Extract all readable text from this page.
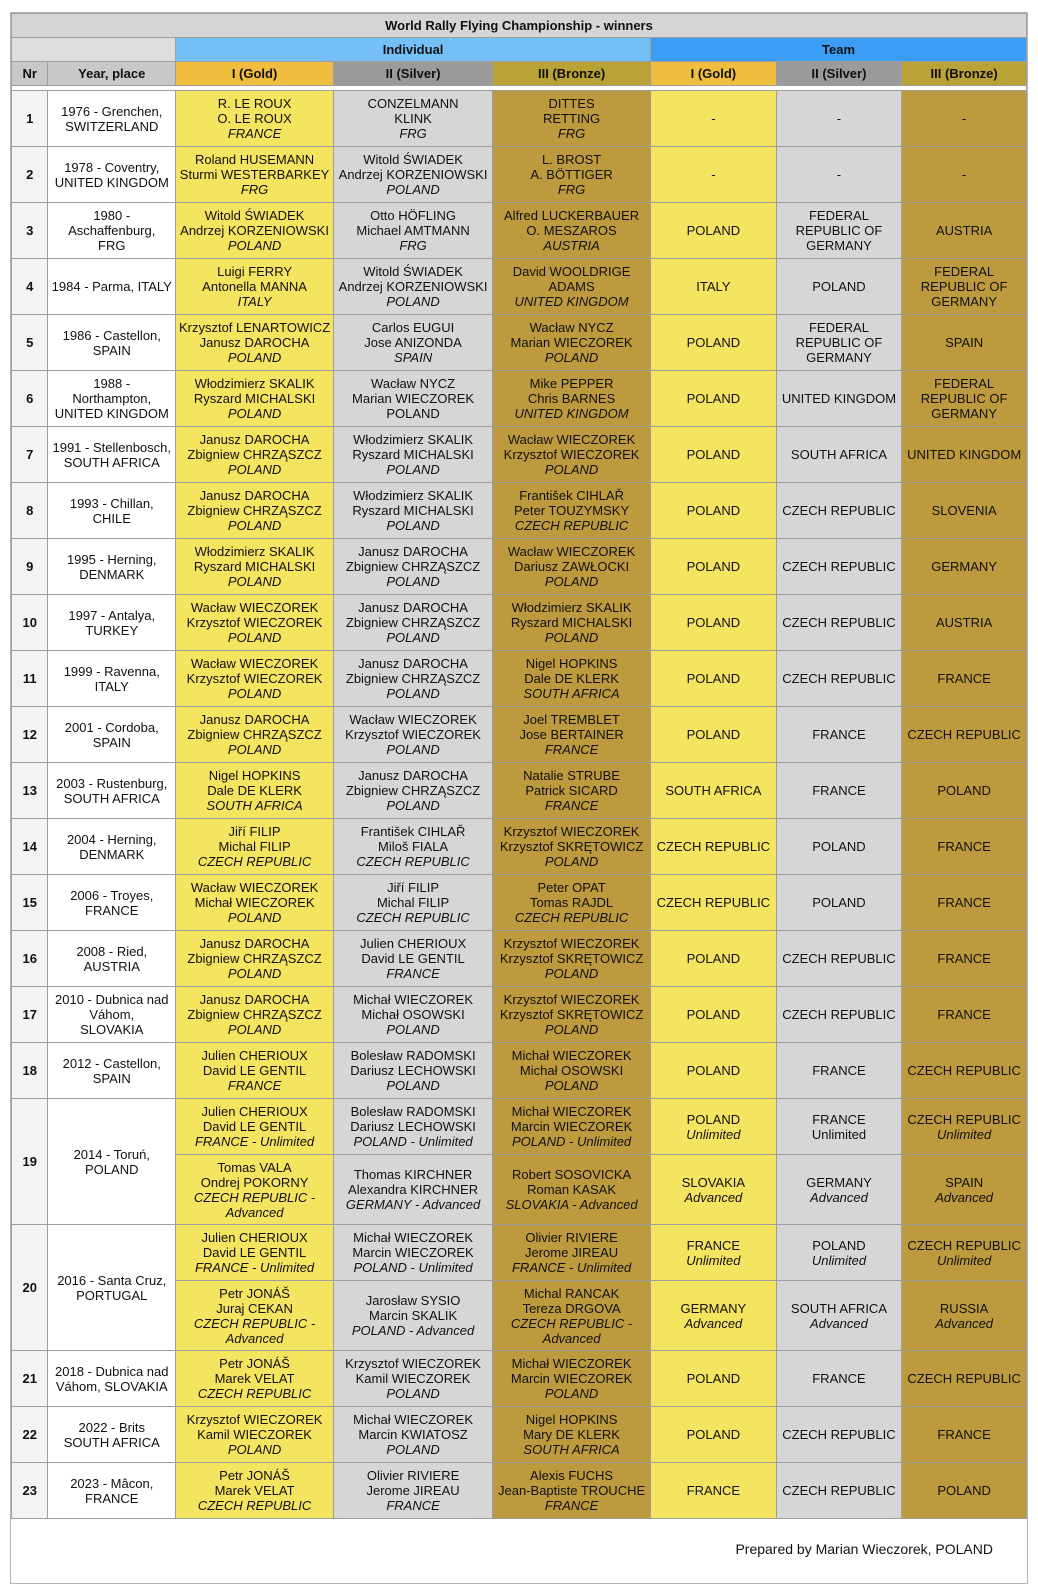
World Rally Flying Championship - winners							
		Individual			Team		
Nr	Year, place	I (Gold)	II (Silver)	III (Bronze)	I (Gold)	II (Silver)	III (Bronze)

1	1976 - Grenchen,
SWITZERLAND	R. LE ROUX
O. LE ROUX
FRANCE	CONZELMANN
KLINK
FRG	DITTES
RETTING
FRG	-	-	-

2	1978 - Coventry,
UNITED KINGDOM	Roland HUSEMANN
Sturmi WESTERBARKEY
FRG	Witold ŚWIADEK
Andrzej KORZENIOWSKI
POLAND	L. BROST
A. BÖTTIGER
FRG	-	-	-

3	1980 -
Aschaffenburg,
FRG	Witold ŚWIADEK
Andrzej KORZENIOWSKI
POLAND	Otto HÖFLING
Michael AMTMANN
FRG	Alfred LUCKERBAUER
O. MESZAROS
AUSTRIA	POLAND	FEDERAL
REPUBLIC OF
GERMANY	AUSTRIA

4	1984 - Parma, ITALY	Luigi FERRY
Antonella MANNA
ITALY	Witold ŚWIADEK
Andrzej KORZENIOWSKI
POLAND	David WOOLDRIGE
ADAMS
UNITED KINGDOM	ITALY	POLAND	FEDERAL
REPUBLIC OF
GERMANY

5	1986 - Castellon,
SPAIN	Krzysztof LENARTOWICZ
Janusz DAROCHA
POLAND	Carlos EUGUI
Jose ANIZONDA
SPAIN	Wacław NYCZ
Marian WIECZOREK
POLAND	POLAND	FEDERAL
REPUBLIC OF
GERMANY	SPAIN

6	1988 -
Northampton,
UNITED KINGDOM	Włodzimierz SKALIK
Ryszard MICHALSKI
POLAND	Wacław NYCZ
Marian WIECZOREK
POLAND	Mike PEPPER
Chris BARNES
UNITED KINGDOM	POLAND	UNITED KINGDOM	FEDERAL
REPUBLIC OF
GERMANY

7	1991 - Stellenbosch,
SOUTH AFRICA	Janusz DAROCHA
Zbigniew CHRZĄSZCZ
POLAND	Włodzimierz SKALIK
Ryszard MICHALSKI
POLAND	Wacław WIECZOREK
Krzysztof WIECZOREK
POLAND	POLAND	SOUTH AFRICA	UNITED KINGDOM

8	1993 - Chillan,
CHILE	Janusz DAROCHA
Zbigniew CHRZĄSZCZ
POLAND	Włodzimierz SKALIK
Ryszard MICHALSKI
POLAND	František CIHLAŘ
Peter TOUZYMSKY
CZECH REPUBLIC	POLAND	CZECH REPUBLIC	SLOVENIA

9	1995 - Herning,
DENMARK	Włodzimierz SKALIK
Ryszard MICHALSKI
POLAND	Janusz DAROCHA
Zbigniew CHRZĄSZCZ
POLAND	Wacław WIECZOREK
Dariusz ZAWŁOCKI
POLAND	POLAND	CZECH REPUBLIC	GERMANY

10	1997 - Antalya,
TURKEY	Wacław WIECZOREK
Krzysztof WIECZOREK
POLAND	Janusz DAROCHA
Zbigniew CHRZĄSZCZ
POLAND	Włodzimierz SKALIK
Ryszard MICHALSKI
POLAND	POLAND	CZECH REPUBLIC	AUSTRIA

11	1999 - Ravenna,
ITALY	Wacław WIECZOREK
Krzysztof WIECZOREK
POLAND	Janusz DAROCHA
Zbigniew CHRZĄSZCZ
POLAND	Nigel HOPKINS
Dale DE KLERK
SOUTH AFRICA	POLAND	CZECH REPUBLIC	FRANCE

12	2001 - Cordoba,
SPAIN	Janusz DAROCHA
Zbigniew CHRZĄSZCZ
POLAND	Wacław WIECZOREK
Krzysztof WIECZOREK
POLAND	Joel TREMBLET
Jose BERTAINER
FRANCE	POLAND	FRANCE	CZECH REPUBLIC

13	2003 - Rustenburg,
SOUTH AFRICA	Nigel HOPKINS
Dale DE KLERK
SOUTH AFRICA	Janusz DAROCHA
Zbigniew CHRZĄSZCZ
POLAND	Natalie STRUBE
Patrick SICARD
FRANCE	SOUTH AFRICA	FRANCE	POLAND

14	2004 - Herning,
DENMARK	Jiří FILIP
Michal FILIP
CZECH REPUBLIC	František CIHLAŘ
Miloš FIALA
CZECH REPUBLIC	Krzysztof WIECZOREK
Krzysztof SKRĘTOWICZ
POLAND	CZECH REPUBLIC	POLAND	FRANCE

15	2006 - Troyes,
FRANCE	Wacław WIECZOREK
Michał WIECZOREK
POLAND	Jiří FILIP
Michal FILIP
CZECH REPUBLIC	Peter OPAT
Tomas RAJDL
CZECH REPUBLIC	CZECH REPUBLIC	POLAND	FRANCE

16	2008 - Ried,
AUSTRIA	Janusz DAROCHA
Zbigniew CHRZĄSZCZ
POLAND	Julien CHERIOUX
David LE GENTIL
FRANCE	Krzysztof WIECZOREK
Krzysztof SKRĘTOWICZ
POLAND	POLAND	CZECH REPUBLIC	FRANCE

17	2010 - Dubnica nad
Váhom,
SLOVAKIA	Janusz DAROCHA
Zbigniew CHRZĄSZCZ
POLAND	Michał WIECZOREK
Michał OSOWSKI
POLAND	Krzysztof WIECZOREK
Krzysztof SKRĘTOWICZ
POLAND	POLAND	CZECH REPUBLIC	FRANCE

18	2012 - Castellon,
SPAIN	Julien CHERIOUX
David LE GENTIL
FRANCE	Bolesław RADOMSKI
Dariusz LECHOWSKI
POLAND	Michał WIECZOREK
Michał OSOWSKI
POLAND	POLAND	FRANCE	CZECH REPUBLIC

19	2014 - Toruń,
POLAND	Julien CHERIOUX
David LE GENTIL
FRANCE - Unlimited	Bolesław RADOMSKI
Dariusz LECHOWSKI
POLAND - Unlimited	Michał WIECZOREK
Marcin WIECZOREK
POLAND - Unlimited	POLAND
Unlimited	FRANCE
Unlimited	CZECH REPUBLIC
Unlimited

		Tomas VALA
Ondrej POKORNY
CZECH REPUBLIC - Advanced	Thomas KIRCHNER
Alexandra KIRCHNER
GERMANY - Advanced	Robert SOSOVICKA
Roman KASAK
SLOVAKIA - Advanced	SLOVAKIA
Advanced	GERMANY
Advanced	SPAIN
Advanced

20	2016 - Santa Cruz,
PORTUGAL	Julien CHERIOUX
David LE GENTIL
FRANCE - Unlimited	Michał WIECZOREK
Marcin WIECZOREK
POLAND - Unlimited	Olivier RIVIERE
Jerome JIREAU
FRANCE - Unlimited	FRANCE
Unlimited	POLAND
Unlimited	CZECH REPUBLIC
Unlimited

		Petr JONÁŠ
Juraj CEKAN
CZECH REPUBLIC - Advanced	Jarosław SYSIO
Marcin SKALIK
POLAND - Advanced	Michal RANCAK
Tereza DRGOVA
CZECH REPUBLIC - Advanced	GERMANY
Advanced	SOUTH AFRICA
Advanced	RUSSIA
Advanced

21	2018 - Dubnica nad
Váhom, SLOVAKIA	Petr JONÁŠ
Marek VELAT
CZECH REPUBLIC	Krzysztof WIECZOREK
Kamil WIECZOREK
POLAND	Michał WIECZOREK
Marcin WIECZOREK
POLAND	POLAND	FRANCE	CZECH REPUBLIC

22	2022 - Brits
SOUTH AFRICA	Krzysztof WIECZOREK
Kamil WIECZOREK
POLAND	Michał WIECZOREK
Marcin KWIATOSZ
POLAND	Nigel HOPKINS
Mary DE KLERK
SOUTH AFRICA	POLAND	CZECH REPUBLIC	FRANCE

23	2023 - Mâcon,
FRANCE	Petr JONÁŠ
Marek VELAT
CZECH REPUBLIC	Olivier RIVIERE
Jerome JIREAU
FRANCE	Alexis FUCHS
Jean-Baptiste TROUCHE
FRANCE	FRANCE	CZECH REPUBLIC	POLAND
Prepared by Marian Wieczorek, POLAND
